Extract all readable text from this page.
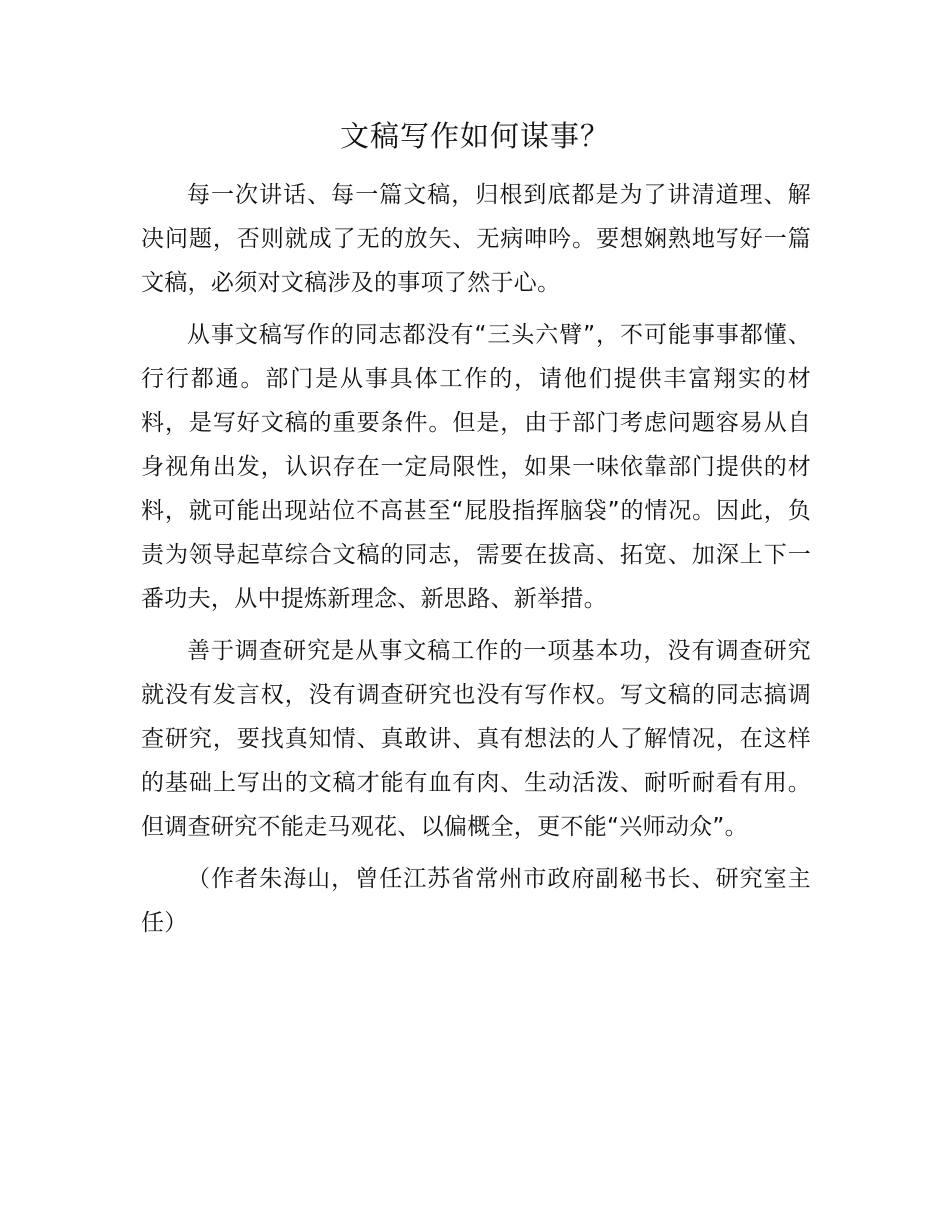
文稿写作如何谋事？

每一次讲话、每一篇文稿，归根到底都是为了讲清道理、解决问题，否则就成了无的放矢、无病呻吟。要想娴熟地写好一篇文稿，必须对文稿涉及的事项了然于心。

从事文稿写作的同志都没有“三头六臂”，不可能事事都懂、行行都通。部门是从事具体工作的，请他们提供丰富翔实的材料，是写好文稿的重要条件。但是，由于部门考虑问题容易从自身视角出发，认识存在一定局限性，如果一味依靠部门提供的材料，就可能出现站位不高甚至“屁股指挥脑袋”的情况。因此，负责为领导起草综合文稿的同志，需要在拔高、拓宽、加深上下一番功夫，从中提炼新理念、新思路、新举措。

善于调查研究是从事文稿工作的一项基本功，没有调查研究就没有发言权，没有调查研究也没有写作权。写文稿的同志搞调查研究，要找真知情、真敢讲、真有想法的人了解情况，在这样的基础上写出的文稿才能有血有肉、生动活泼、耐听耐看有用。但调查研究不能走马观花、以偏概全，更不能“兴师动众”。

（作者朱海山，曾任江苏省常州市政府副秘书长、研究室主任）
